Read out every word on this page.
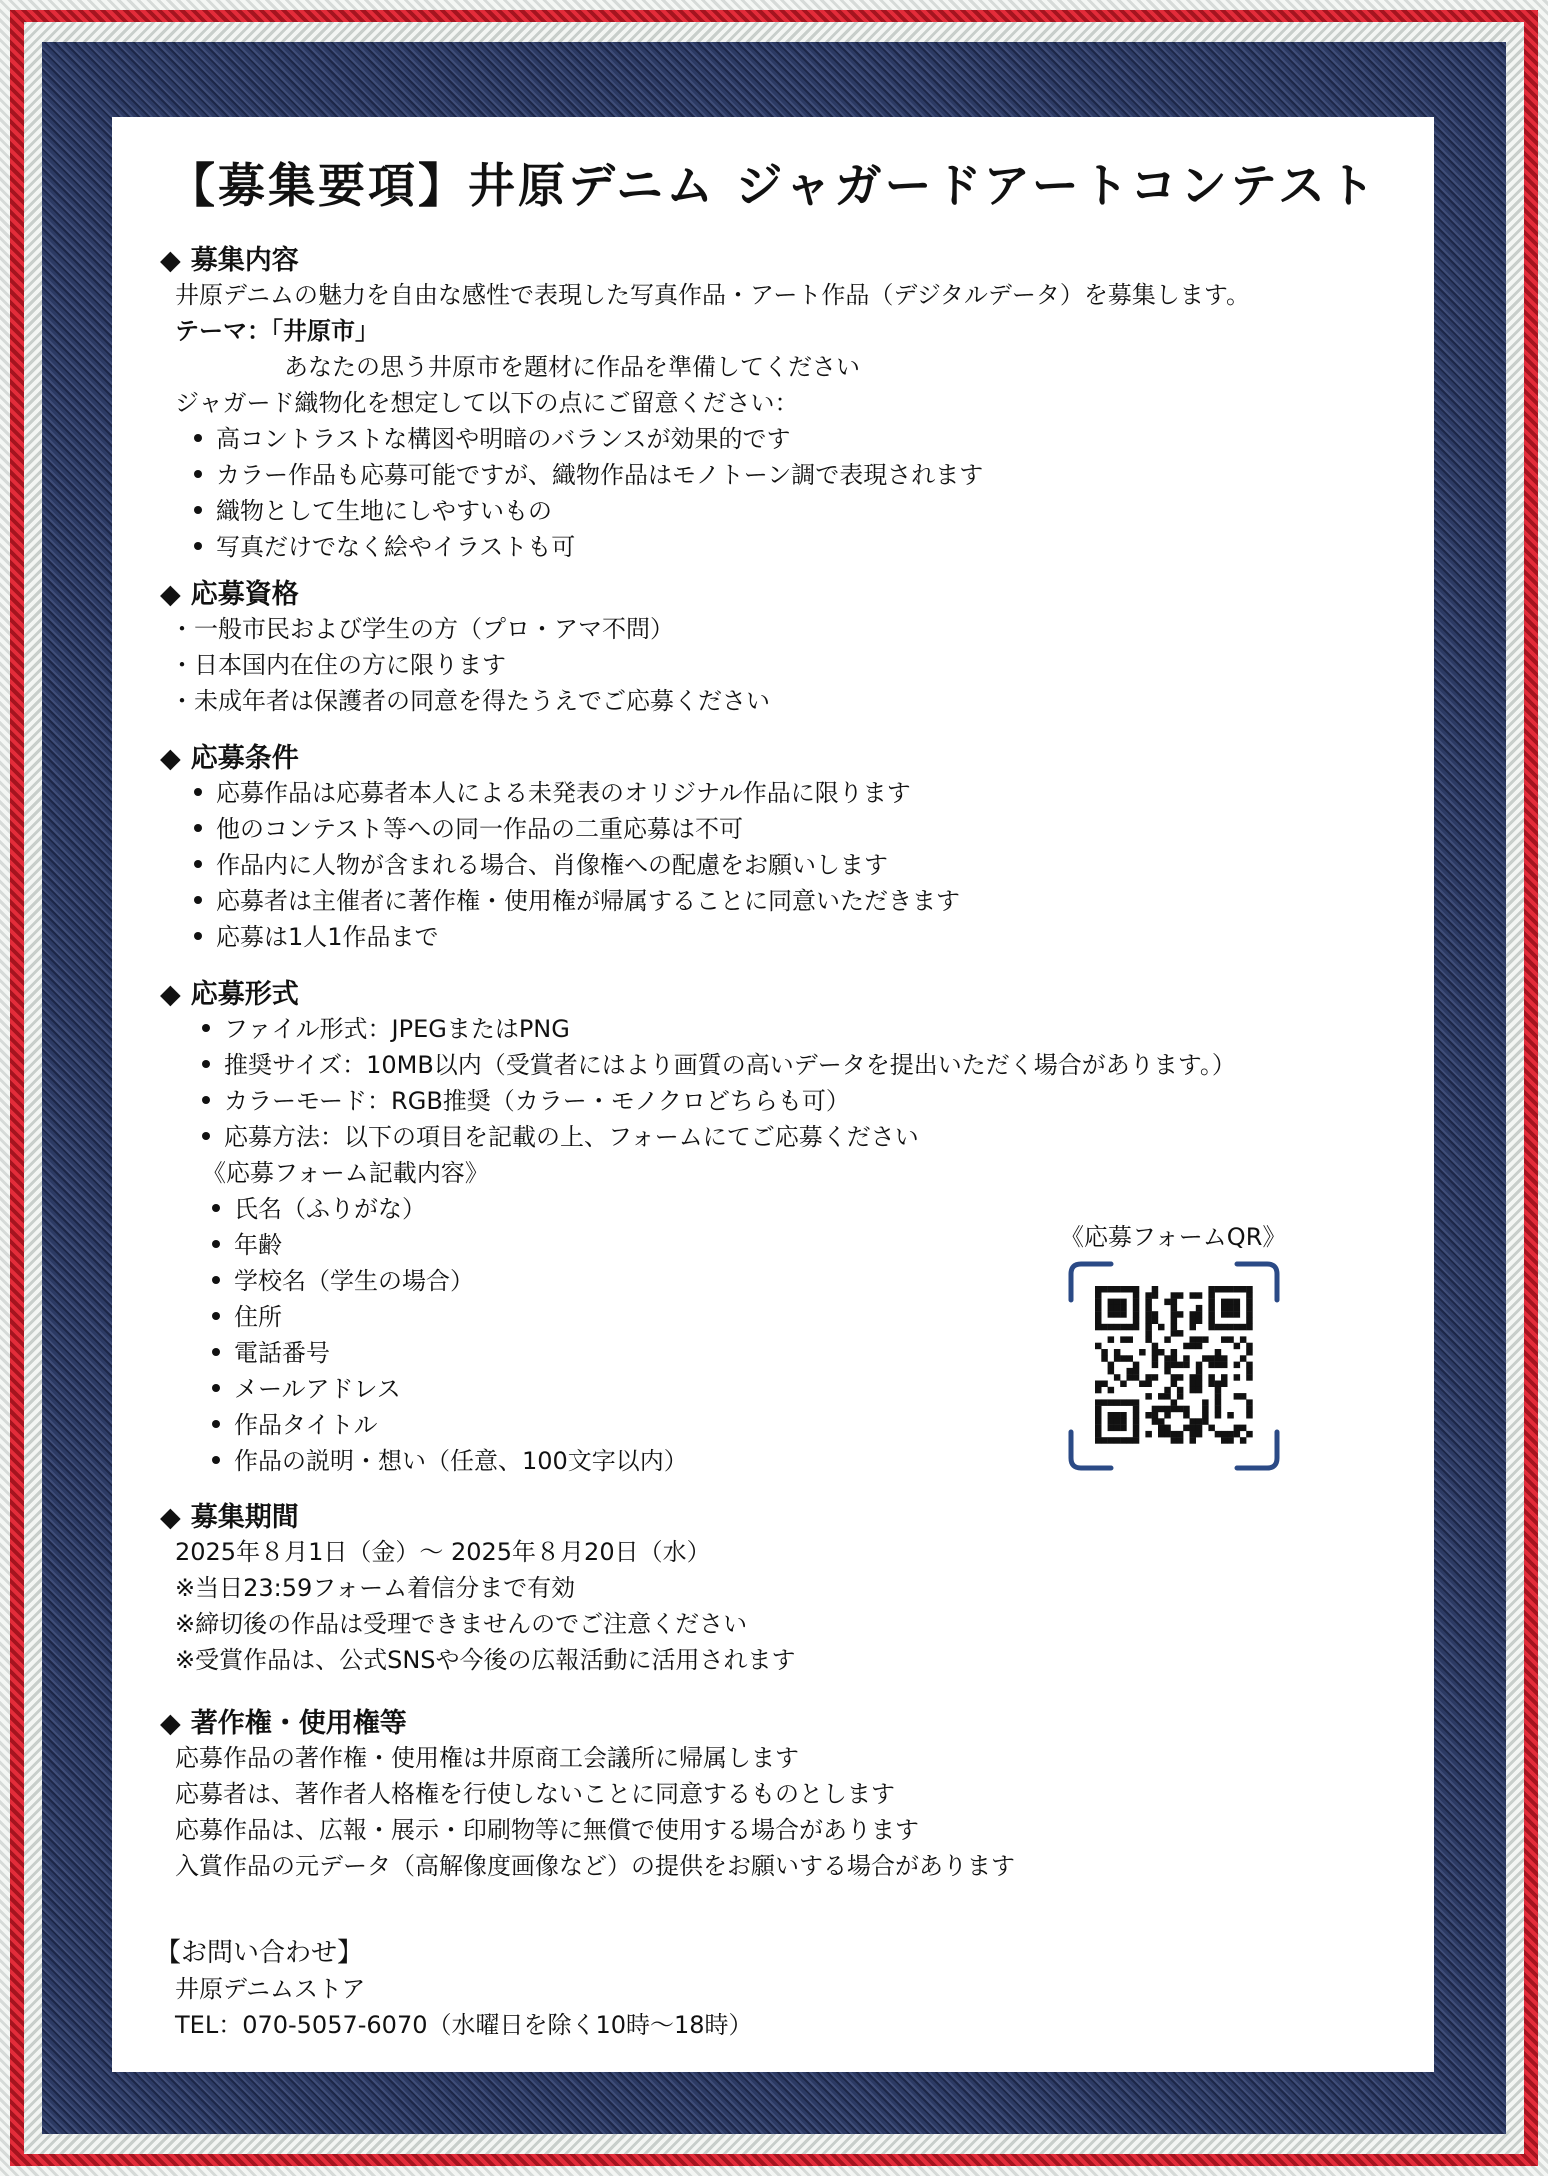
【募集要項】井原デニム ジャガードアートコンテスト
◆ 募集内容
井原デニムの魅力を自由な感性で表現した写真作品・アート作品（デジタルデータ）を募集します。
テーマ：「井原市」
あなたの思う井原市を題材に作品を準備してください
ジャガード織物化を想定して以下の点にご留意ください：
高コントラストな構図や明暗のバランスが効果的です
カラー作品も応募可能ですが、織物作品はモノトーン調で表現されます
織物として生地にしやすいもの
写真だけでなく絵やイラストも可
◆ 応募資格
・一般市民および学生の方（プロ・アマ不問）
・日本国内在住の方に限ります
・未成年者は保護者の同意を得たうえでご応募ください
◆ 応募条件
応募作品は応募者本人による未発表のオリジナル作品に限ります
他のコンテスト等への同一作品の二重応募は不可
作品内に人物が含まれる場合、肖像権への配慮をお願いします
応募者は主催者に著作権・使用権が帰属することに同意いただきます
応募は1人1作品まで
◆ 応募形式
ファイル形式：JPEGまたはPNG
推奨サイズ：10MB以内（受賞者にはより画質の高いデータを提出いただく場合があります。）
カラーモード：RGB推奨（カラー・モノクロどちらも可）
応募方法：以下の項目を記載の上、フォームにてご応募ください
《応募フォーム記載内容》
氏名（ふりがな）
年齢
学校名（学生の場合）
住所
電話番号
メールアドレス
作品タイトル
作品の説明・想い（任意、100文字以内）
《応募フォームQR》
◆ 募集期間
2025年８月1日（金）～ 2025年８月20日（水）
※当日23:59フォーム着信分まで有効
※締切後の作品は受理できませんのでご注意ください
※受賞作品は、公式SNSや今後の広報活動に活用されます
◆ 著作権・使用権等
応募作品の著作権・使用権は井原商工会議所に帰属します
応募者は、著作者人格権を行使しないことに同意するものとします
応募作品は、広報・展示・印刷物等に無償で使用する場合があります
入賞作品の元データ（高解像度画像など）の提供をお願いする場合があります
【お問い合わせ】
井原デニムストア
TEL：070-5057-6070（水曜日を除く10時〜18時）
